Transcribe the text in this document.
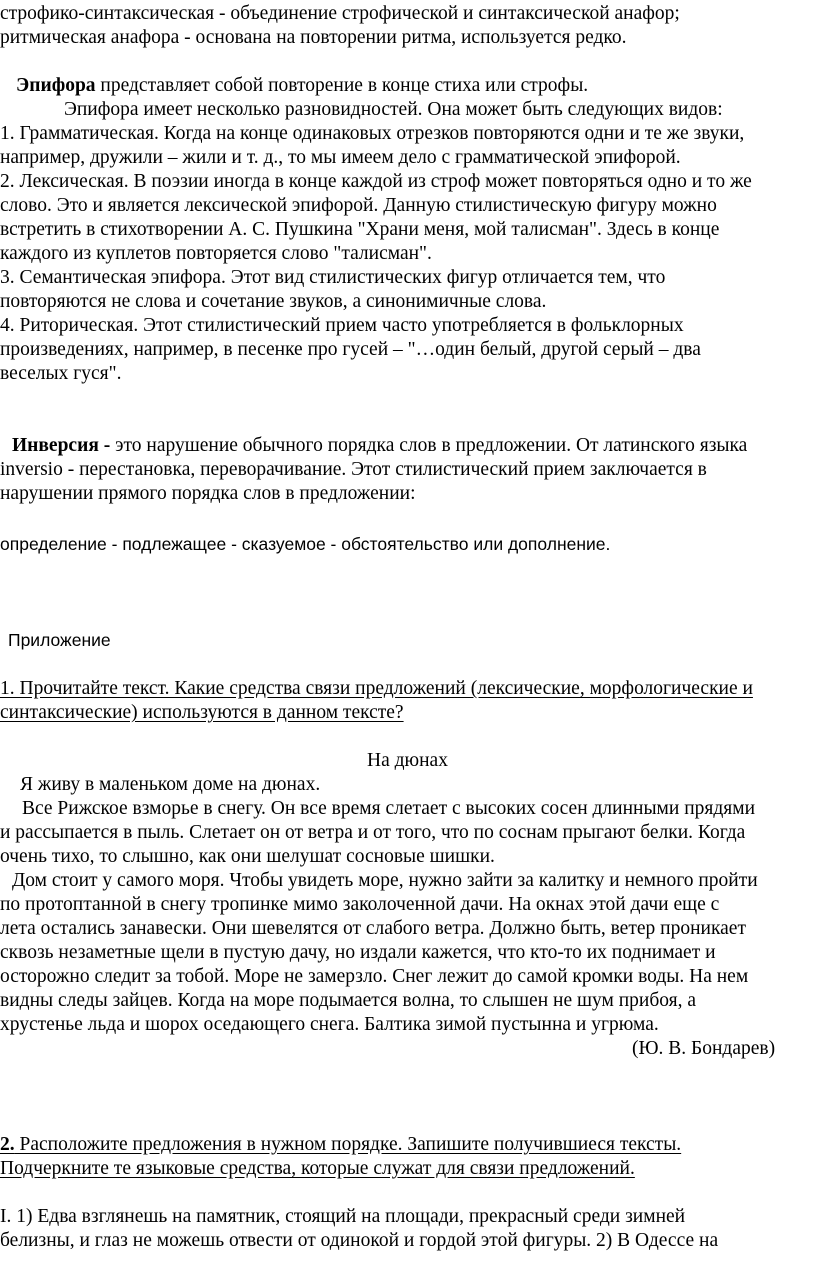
строфико-синтаксическая - объединение строфической и синтаксической анафор;

ритмическая анафора - основана на повторении ритма, используется редко.

Эпифора представляет собой повторение в конце стиха или строфы.

Эпифора имеет несколько разновидностей. Она может быть следующих видов:

1. Грамматическая. Когда на конце одинаковых отрезков повторяются одни и те же звуки,

например, дружили – жили и т. д., то мы имеем дело с грамматической эпифорой.

2. Лексическая. В поэзии иногда в конце каждой из строф может повторяться одно и то же

слово. Это и является лексической эпифорой. Данную стилистическую фигуру можно

встретить в стихотворении А. С. Пушкина "Храни меня, мой талисман". Здесь в конце

каждого из куплетов повторяется слово "талисман".

3. Семантическая эпифора. Этот вид стилистических фигур отличается тем, что

повторяются не слова и сочетание звуков, а синонимичные слова.

4. Риторическая. Этот стилистический прием часто употребляется в фольклорных

произведениях, например, в песенке про гусей – "…один белый, другой серый – два

веселых гуся".

Инверсия - это нарушение обычного порядка слов в предложении. От латинского языка

inversio - перестановка, переворачивание. Этот стилистический прием заключается в

нарушении прямого порядка слов в предложении:

определение - подлежащее - сказуемое - обстоятельство или дополнение.

Приложение

1. Прочитайте текст. Какие средства связи предложений (лексические, морфологические и

синтаксические) используются в данном тексте?

На дюнах

Я живу в маленьком доме на дюнах.

Все Рижское взморье в снегу. Он все время слетает с высоких сосен длинными прядями

и рассыпается в пыль. Слетает он от ветра и от того, что по соснам прыгают белки. Когда

очень тихо, то слышно, как они шелушат сосновые шишки.

Дом стоит у самого моря. Чтобы увидеть море, нужно зайти за калитку и немного пройти

по протоптанной в снегу тропинке мимо заколоченной дачи. На окнах этой дачи еще с

лета остались занавески. Они шевелятся от слабого ветра. Должно быть, ветер проникает

сквозь незаметные щели в пустую дачу, но издали кажется, что кто-то их поднимает и

осторожно следит за тобой. Море не замерзло. Снег лежит до самой кромки воды. На нем

видны следы зайцев. Когда на море подымается волна, то слышен не шум прибоя, а

хрустенье льда и шорох оседающего снега. Балтика зимой пустынна и угрюма.

(Ю. В. Бондарев)

2. Расположите предложения в нужном порядке. Запишите получившиеся тексты.

Подчеркните те языковые средства, которые служат для связи предложений.

I. 1) Едва взглянешь на памятник, стоящий на площади, прекрасный среди зимней

белизны, и глаз не можешь отвести от одинокой и гордой этой фигуры. 2) В Одессе на
